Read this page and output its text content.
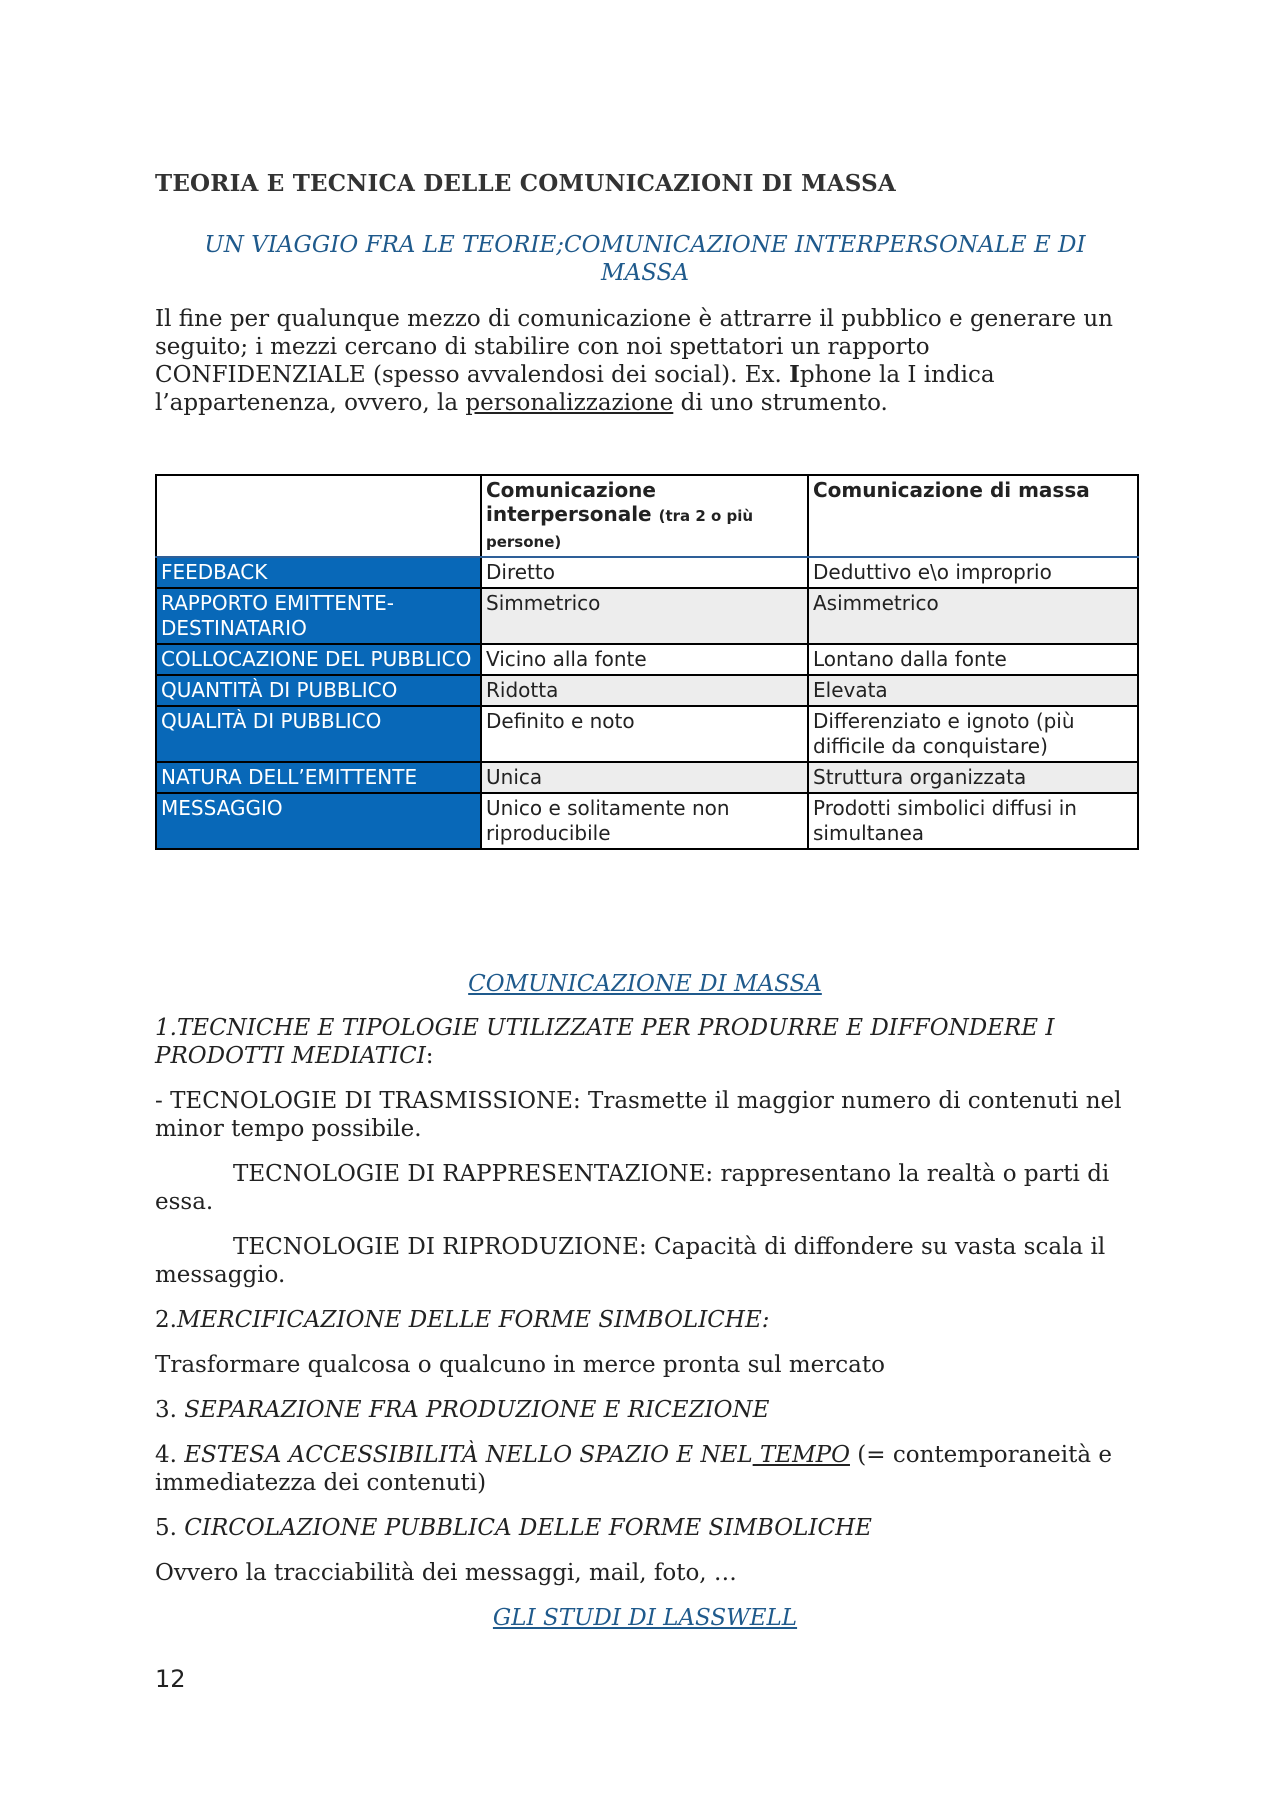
TEORIA E TECNICA DELLE COMUNICAZIONI DI MASSA
UN VIAGGIO FRA LE TEORIE;COMUNICAZIONE INTERPERSONALE E DI
MASSA

Il fine per qualunque mezzo di comunicazione è attrarre il pubblico e generare un seguito; i mezzi cercano di stabilire con noi spettatori un rapporto CONFIDENZIALE (spesso avvalendosi dei social). Ex. Iphone la I indica l’appartenenza, ovvero, la personalizzazione di uno strumento.

	Comunicazione interpersonale (tra 2 o più persone)	Comunicazione di massa
FEEDBACK	Diretto	Deduttivo e\o improprio
RAPPORTO EMITTENTE-DESTINATARIO	Simmetrico	Asimmetrico
COLLOCAZIONE DEL PUBBLICO	Vicino alla fonte	Lontano dalla fonte
QUANTITÀ DI PUBBLICO	Ridotta	Elevata
QUALITÀ DI PUBBLICO	Definito e noto	Differenziato e ignoto (più difficile da conquistare)
NATURA DELL’EMITTENTE	Unica	Struttura organizzata
MESSAGGIO	Unico e solitamente non riproducibile	Prodotti simbolici diffusi in simultanea
COMUNICAZIONE DI MASSA

1.TECNICHE E TIPOLOGIE UTILIZZATE PER PRODURRE E DIFFONDERE I PRODOTTI MEDIATICI:

- TECNOLOGIE DI TRASMISSIONE: Trasmette il maggior numero di contenuti nel minor tempo possibile.

TECNOLOGIE DI RAPPRESENTAZIONE: rappresentano la realtà o parti di essa.

TECNOLOGIE DI RIPRODUZIONE: Capacità di diffondere su vasta scala il messaggio.

2.MERCIFICAZIONE DELLE FORME SIMBOLICHE:

Trasformare qualcosa o qualcuno in merce pronta sul mercato

3. SEPARAZIONE FRA PRODUZIONE E RICEZIONE

4. ESTESA ACCESSIBILITÀ NELLO SPAZIO E NEL TEMPO (= contemporaneità e immediatezza dei contenuti)

5. CIRCOLAZIONE PUBBLICA DELLE FORME SIMBOLICHE

Ovvero la tracciabilità dei messaggi, mail, foto, …

GLI STUDI DI LASSWELL
12
